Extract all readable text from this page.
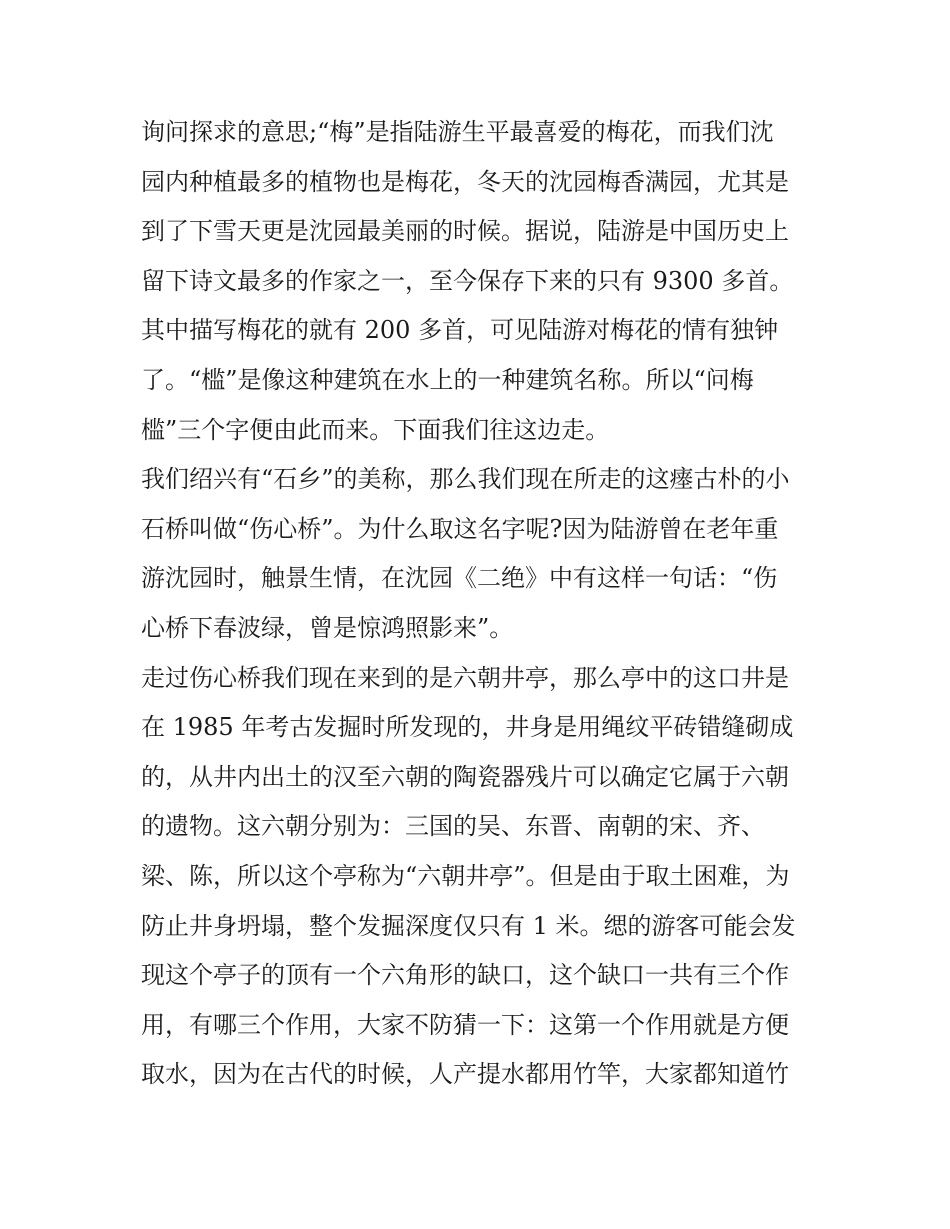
询问探求的意思;“梅”是指陆游生平最喜爱的梅花，而我们沈
园内种植最多的植物也是梅花，冬天的沈园梅香满园，尤其是
到了下雪天更是沈园最美丽的时候。据说，陆游是中国历史上
留下诗文最多的作家之一，至今保存下来的只有 9300 多首。
其中描写梅花的就有 200 多首，可见陆游对梅花的情有独钟
了。“槛”是像这种建筑在水上的一种建筑名称。所以“问梅
槛”三个字便由此而来。下面我们往这边走。
我们绍兴有“石乡”的美称，那么我们现在所走的这瘗古朴的小
石桥叫做“伤心桥”。为什么取这名字呢?因为陆游曾在老年重
游沈园时，触景生情，在沈园《二绝》中有这样一句话：“伤
心桥下春波绿，曾是惊鸿照影来”。
走过伤心桥我们现在来到的是六朝井亭，那么亭中的这口井是
在 1985 年考古发掘时所发现的，井身是用绳纹平砖错缝砌成
的，从井内出土的汉至六朝的陶瓷器残片可以确定它属于六朝
的遗物。这六朝分别为：三国的吴、东晋、南朝的宋、齐、
梁、陈，所以这个亭称为“六朝井亭”。但是由于取土困难，为
防止井身坍塌，整个发掘深度仅只有 1 米。缌的游客可能会发
现这个亭子的顶有一个六角形的缺口，这个缺口一共有三个作
用，有哪三个作用，大家不防猜一下：这第一个作用就是方便
取水，因为在古代的时候，人产提水都用竹竿，大家都知道竹
